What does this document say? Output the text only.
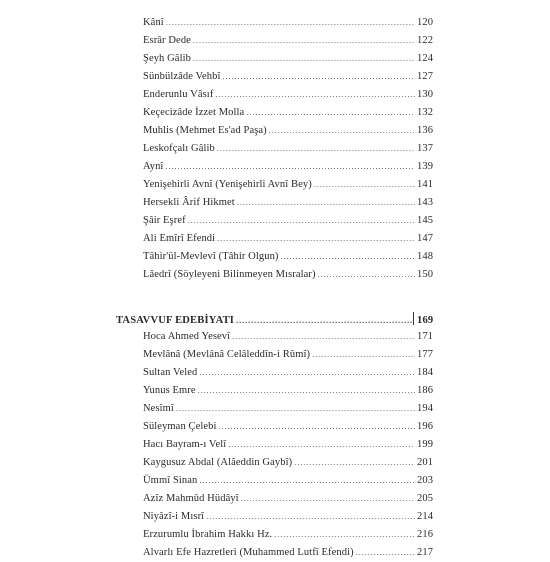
Kânî .....	120
Esrâr Dede .....	122
Şeyh Gâlib .....	124
Sünbülzâde Vehbî .....	127
Enderunlu Vâsıf .....	130
Keçecizâde İzzet Molla .....	132
Muhlis (Mehmet Es'ad Paşa) .....	136
Leskofçalı Gâlib .....	137
Aynî .....	139
Yenişehirli Avnî (Yenişehirli Avnî Bey) .....	141
Hersekli Ârif Hikmet .....	143
Şâir Eşref .....	145
Ali Emîrî Efendi .....	147
Tâhir'ül-Mevlevî (Tâhir Olgun) .....	148
Lâedrî (Söyleyeni Bilinmeyen Mısralar) .....	150
TASAVVUF EDEBİYATI .....	169
Hoca Ahmed Yesevî .....	171
Mevlânâ (Mevlânâ Celâleddîn-i Rûmî) .....	177
Sultan Veled .....	184
Yunus Emre .....	186
Nesîmî .....	194
Süleyman Çelebi .....	196
Hacı Bayram-ı Velî .....	199
Kaygusuz Abdal (Alâeddin Gaybî) .....	201
Ümmî Sinan .....	203
Azîz Mahmûd Hüdâyî .....	205
Niyâzî-i Mısrî .....	214
Erzurumlu İbrahim Hakkı Hz. .....	216
Alvarlı Efe Hazretleri (Muhammed Lutfî Efendi) .....	217
